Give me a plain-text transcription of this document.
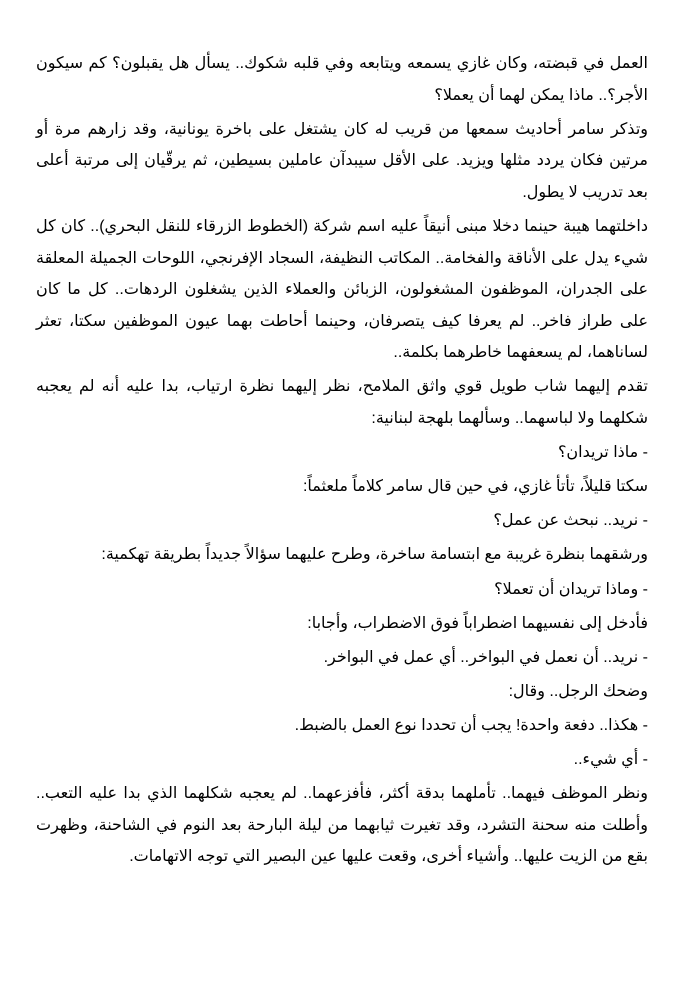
العمل في قبضته، وكان غازي يسمعه ويتابعه وفي قلبه شكوك.. يسأل هل يقبلون؟ كم سيكون الأجر؟.. ماذا يمكن لهما أن يعملا؟

وتذكر سامر أحاديث سمعها من قريب له كان يشتغل على باخرة يونانية، وقد زارهم مرة أو مرتين فكان يردد مثلها ويزيد. على الأقل سيبدآن عاملين بسيطين، ثم يرقّيان إلى مرتبة أعلى بعد تدريب لا يطول.

داخلتهما هيبة حينما دخلا مبنى أنيقاً عليه اسم شركة (الخطوط الزرقاء للنقل البحري).. كان كل شيء يدل على الأناقة والفخامة.. المكاتب النظيفة، السجاد الإفرنجي، اللوحات الجميلة المعلقة على الجدران، الموظفون المشغولون، الزبائن والعملاء الذين يشغلون الردهات.. كل ما كان على طراز فاخر.. لم يعرفا كيف يتصرفان، وحينما أحاطت بهما عيون الموظفين سكتا، تعثر لساناهما، لم يسعفهما خاطرهما بكلمة..

تقدم إليهما شاب طويل قوي واثق الملامح، نظر إليهما نظرة ارتياب، بدا عليه أنه لم يعجبه شكلهما ولا لباسهما.. وسألهما بلهجة لبنانية:

- ماذا تريدان؟

سكتا قليلاً، تأتأ غازي، في حين قال سامر كلاماً ملعثماً:

- نريد.. نبحث عن عمل؟

ورشقهما بنظرة غريبة مع ابتسامة ساخرة، وطرح عليهما سؤالاً جديداً بطريقة تهكمية:

- وماذا تريدان أن تعملا؟

فأدخل إلى نفسيهما اضطراباً فوق الاضطراب، وأجابا:

- نريد.. أن نعمل في البواخر.. أي عمل في البواخر.

وضحك الرجل.. وقال:

- هكذا.. دفعة واحدة! يجب أن تحددا نوع العمل بالضبط.

- أي شيء..

ونظر الموظف فيهما.. تأملهما بدقة أكثر، فأفزعهما.. لم يعجبه شكلهما الذي بدا عليه التعب.. وأطلت منه سحنة التشرد، وقد تغيرت ثيابهما من ليلة البارحة بعد النوم في الشاحنة، وظهرت بقع من الزيت عليها.. وأشياء أخرى، وقعت عليها عين البصير التي توجه الاتهامات.
